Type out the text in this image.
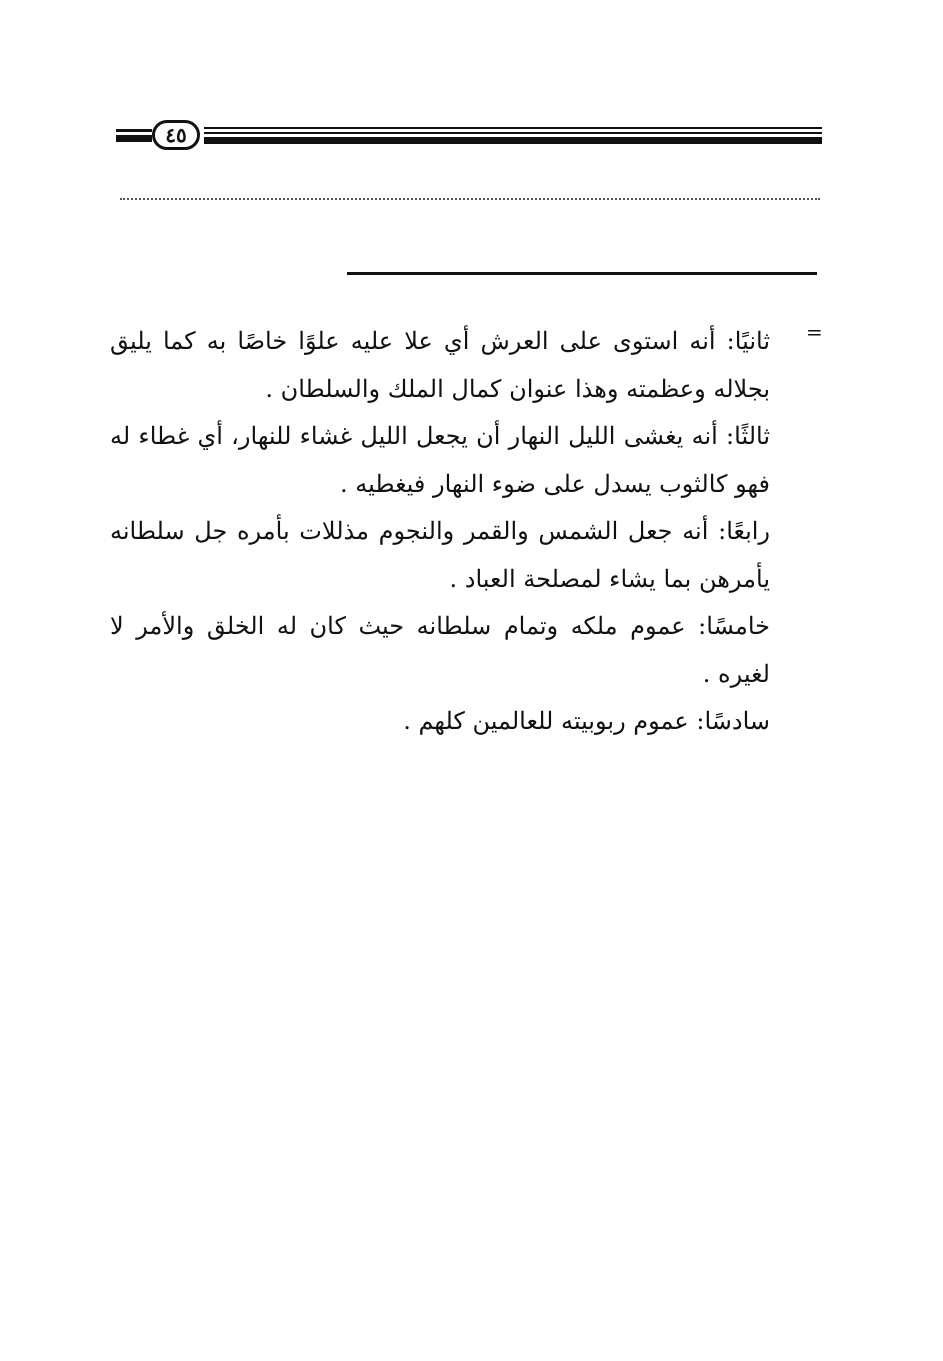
٤٥
=

ثانيًا: أنه استوى على العرش أي علا عليه علوًا خاصًا به كما يليق بجلاله وعظمته وهذا عنوان كمال الملك والسلطان .

ثالثًا: أنه يغشى الليل النهار أن يجعل الليل غشاء للنهار، أي غطاء له فهو كالثوب يسدل على ضوء النهار فيغطيه .

رابعًا: أنه جعل الشمس والقمر والنجوم مذللات بأمره جل سلطانه يأمرهن بما يشاء لمصلحة العباد .

خامسًا: عموم ملكه وتمام سلطانه حيث كان له الخلق والأمر لا لغيره .

سادسًا: عموم ربوبيته للعالمين كلهم .
